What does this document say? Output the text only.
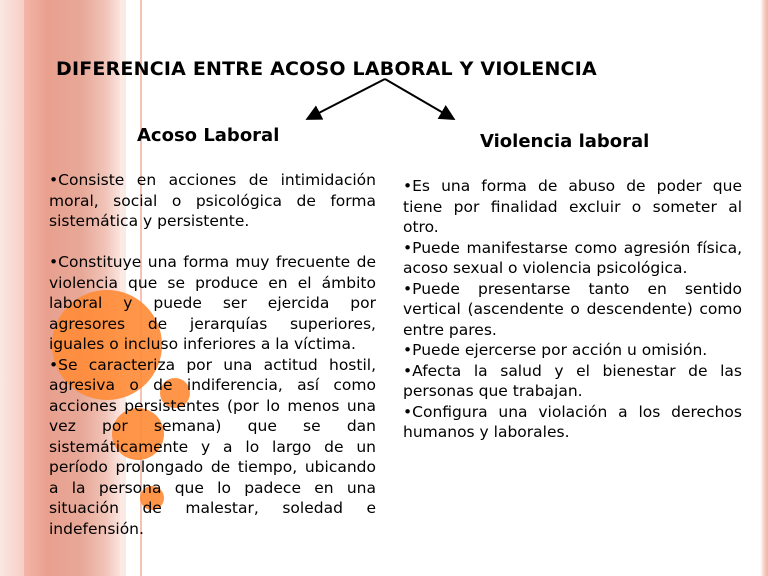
DIFERENCIA ENTRE ACOSO LABORAL Y VIOLENCIA
Acoso Laboral	Violencia laboral

•Consiste en acciones de intimidación moral, social o psicológica de forma sistemática y persistente.

•Constituye una forma muy frecuente de violencia que se produce en el ámbito laboral y puede ser ejercida por agresores de jerarquías superiores, iguales o incluso inferiores a la víctima.

•Se caracteriza por una actitud hostil, agresiva o de indiferencia, así como acciones persistentes (por lo menos una vez por semana) que se dan sistemáticamente y a lo largo de un período prolongado de tiempo, ubicando a la persona que lo padece en una situación de malestar, soledad e indefensión.

•Es una forma de abuso de poder que tiene por finalidad excluir o someter al otro.

•Puede manifestarse como agresión física, acoso sexual o violencia psicológica.

•Puede presentarse tanto en sentido vertical (ascendente o descendente) como entre pares.

•Puede ejercerse por acción u omisión.

•Afecta la salud y el bienestar de las personas que trabajan.

•Configura una violación a los derechos humanos y laborales.
